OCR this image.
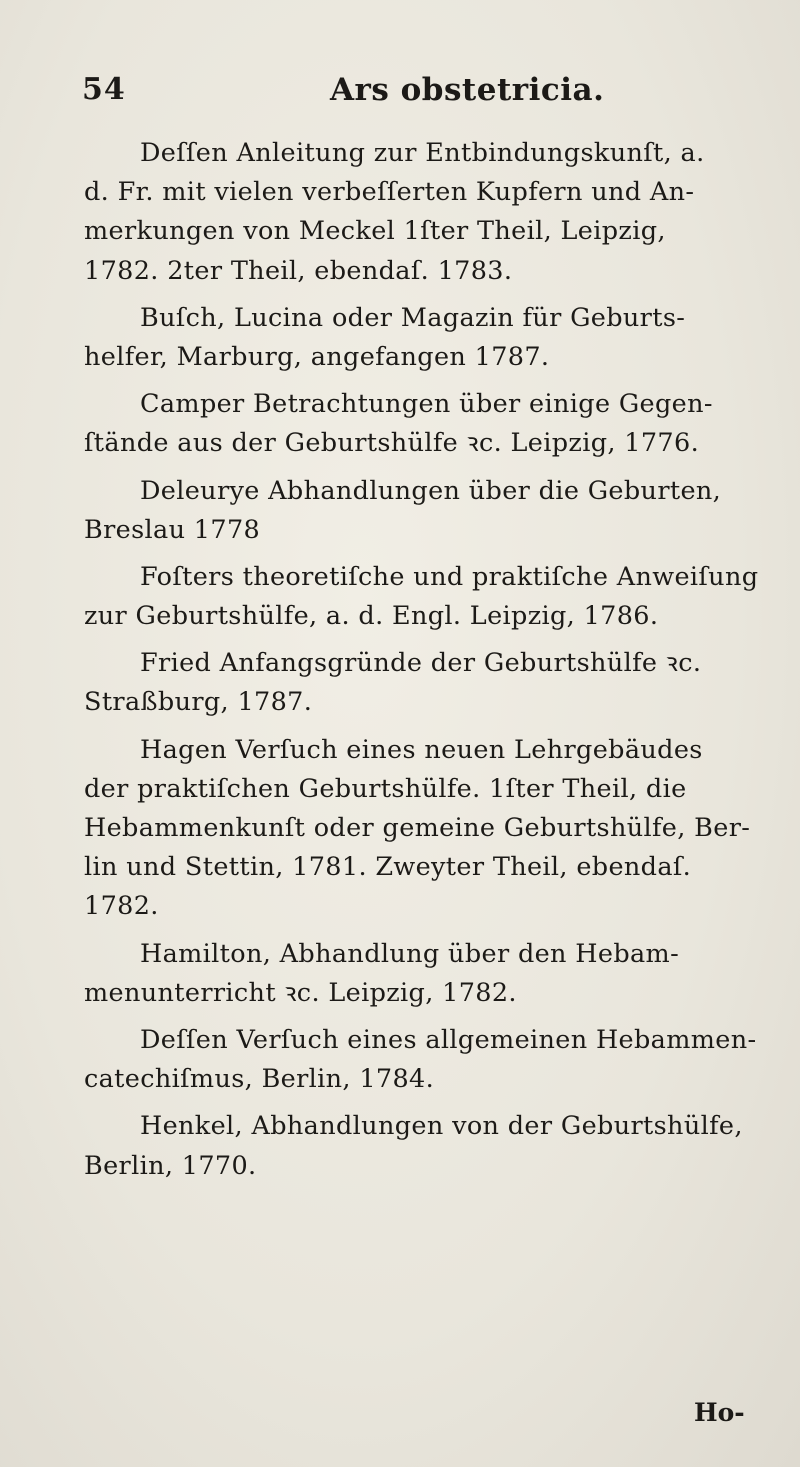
54	Ars obstetricia.
Deſſen Anleitung zur Entbindungskunſt, a.
d. Fr. mit vielen verbeſſerten Kupfern und An-
merkungen von Meckel 1ſter Theil, Leipzig,
1782. 2ter Theil, ebendaſ. 1783.
Buſch, Lucina oder Magazin für Geburts-
helfer, Marburg, angefangen 1787.
Camper Betrachtungen über einige Gegen-
ſtände aus der Geburtshülfe ꝛc. Leipzig, 1776.
Deleurye Abhandlungen über die Geburten,
Breslau 1778
Foſters theoretiſche und praktiſche Anweiſung
zur Geburtshülfe, a. d. Engl. Leipzig, 1786.
Fried Anfangsgründe der Geburtshülfe ꝛc.
Straßburg, 1787.
Hagen Verſuch eines neuen Lehrgebäudes
der praktiſchen Geburtshülfe. 1ſter Theil, die
Hebammenkunſt oder gemeine Geburtshülfe, Ber-
lin und Stettin, 1781. Zweyter Theil, ebendaſ.
1782.
Hamilton, Abhandlung über den Hebam-
menunterricht ꝛc. Leipzig, 1782.
Deſſen Verſuch eines allgemeinen Hebammen-
catechiſmus, Berlin, 1784.
Henkel, Abhandlungen von der Geburtshülfe,
Berlin, 1770.
Ho-
